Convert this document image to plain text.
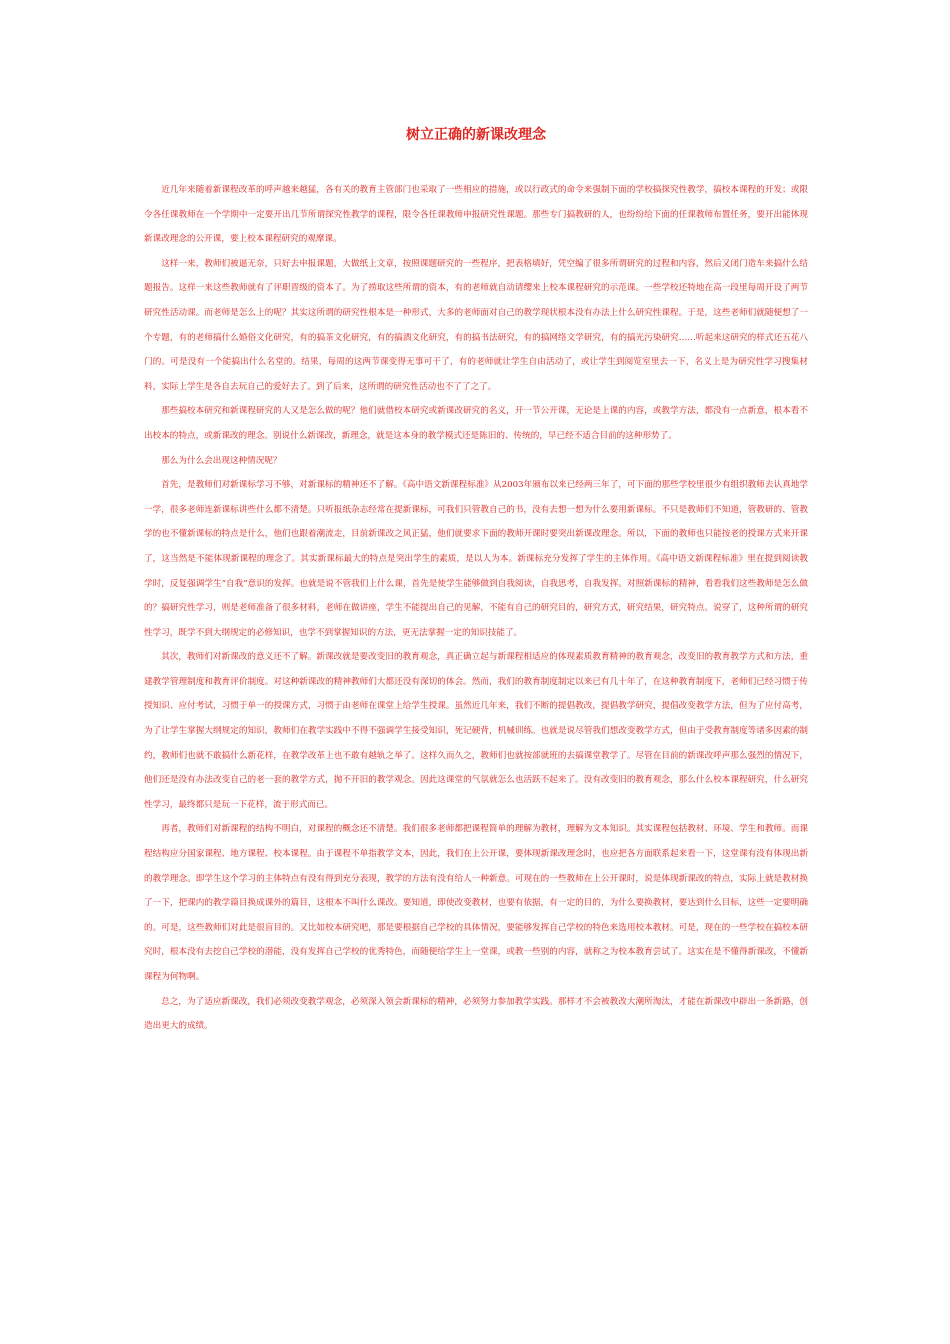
树立正确的新课改理念

近几年来随着新课程改革的呼声越来越猛，各有关的教育主管部门也采取了一些相应的措施，或以行政式的命令来强制下面的学校搞探究性教学，搞校本课程的开发；或限令各任课教师在一个学期中一定要开出几节所谓探究性教学的课程，限令各任课教师申报研究性课题。那些专门搞教研的人，也纷纷给下面的任课教师布置任务，要开出能体现新课改理念的公开课，要上校本课程研究的观摩课。

这样一来，教师们被逼无奈，只好去申报课题，大做纸上文章，按照课题研究的一些程序，把表格填好，凭空编了很多所谓研究的过程和内容，然后又闭门造车来搞什么结题报告。这样一来这些教师就有了评职晋级的资本了。为了捞取这些所谓的资本，有的老师就自动请缨来上校本课程研究的示范课。一些学校还特地在高一段里每周开设了两节研究性活动课。而老师是怎么上的呢？其实这所谓的研究性根本是一种形式，大多的老师面对自己的教学现状根本没有办法上什么研究性课程。于是，这些老师们就随便想了一个专题，有的老师搞什么婚俗文化研究，有的搞茶文化研究，有的搞酒文化研究，有的搞书法研究，有的搞网络文学研究，有的搞光污染研究……听起来这研究的样式还五花八门的。可是没有一个能搞出什么名堂的。结果，每周的这两节课变得无事可干了，有的老师就让学生自由活动了，或让学生到阅览室里去一下，名义上是为研究性学习搜集材料，实际上学生是各自去玩自己的爱好去了。到了后来，这所谓的研究性活动也不了了之了。

那些搞校本研究和新课程研究的人又是怎么做的呢？他们就借校本研究或新课改研究的名义，开一节公开课，无论是上课的内容，或教学方法，都没有一点新意，根本看不出校本的特点，或新课改的理念。别说什么新课改，新理念，就是这本身的教学模式还是陈旧的、传统的，早已经不适合目前的这种形势了。

那么为什么会出现这种情况呢？

首先，是教师们对新课标学习不够，对新课标的精神还不了解。《高中语文新课程标准》从2003年颁布以来已经两三年了，可下面的那些学校里很少有组织教师去认真地学一学，很多老师连新课标讲些什么都不清楚。只听报纸杂志经常在提新课标，可我们只管教自己的书，没有去想一想为什么要用新课标。不只是教师们不知道，管教研的、管教学的也不懂新课标的特点是什么，他们也跟着潮流走，目前新课改之风正猛，他们就要求下面的教师开课时要突出新课改理念。所以，下面的教师也只能按老的授课方式来开课了，这当然是不能体现新课程的理念了。其实新课标最大的特点是突出学生的素质，是以人为本。新课标充分发挥了学生的主体作用。《高中语文新课程标准》里在提到阅读教学时，反复强调学生“自我”意识的发挥。也就是说不管我们上什么课，首先是使学生能够做到自我阅读，自我思考，自我发挥。对照新课标的精神，看看我们这些教师是怎么做的？搞研究性学习，则是老师准备了很多材料，老师在做讲座，学生不能提出自己的见解，不能有自己的研究目的，研究方式，研究结果，研究特点。说穿了，这种所谓的研究性学习，既学不到大纲规定的必修知识，也学不到掌握知识的方法，更无法掌握一定的知识技能了。

其次，教师们对新课改的意义还不了解。新课改就是要改变旧的教育观念，真正确立起与新课程相适应的体现素质教育精神的教育观念，改变旧的教育教学方式和方法，重建教学管理制度和教育评价制度。对这种新课改的精神教师们大都还没有深切的体会。然而，我们的教育制度制定以来已有几十年了，在这种教育制度下，老师们已经习惯于传授知识、应付考试，习惯于单一的授课方式，习惯于由老师在课堂上给学生授课。虽然近几年来，我们不断的提倡教改，提倡教学研究，提倡改变教学方法，但为了应付高考，为了让学生掌握大纲规定的知识，教师们在教学实践中不得不强调学生接受知识，死记硬背，机械训练。也就是说尽管我们想改变教学方式，但由于受教育制度等诸多因素的制约，教师们也就不敢搞什么新花样，在教学改革上也不敢有越轨之举了。这样久而久之，教师们也就按部就班的去搞课堂教学了。尽管在目前的新课改呼声那么强烈的情况下，他们还是没有办法改变自己的老一套的教学方式，抛不开旧的教学观念。因此这课堂的气氛就怎么也活跃不起来了。没有改变旧的教育观念，那么什么校本课程研究，什么研究性学习，最终都只是玩一下花样，流于形式而已。

再者，教师们对新课程的结构不明白，对课程的概念还不清楚。我们很多老师都把课程简单的理解为教材，理解为文本知识。其实课程包括教材、环境、学生和教师。而课程结构应分国家课程、地方课程、校本课程。由于课程不单指教学文本，因此，我们在上公开课，要体现新课改理念时，也应把各方面联系起来看一下，这堂课有没有体现出新的教学理念。即学生这个学习的主体特点有没有得到充分表现，教学的方法有没有给人一种新意。可现在的一些教师在上公开课时，说是体现新课改的特点，实际上就是教材换了一下，把课内的教学篇目换成课外的篇目，这根本不叫什么课改。要知道，即使改变教材，也要有依据，有一定的目的，为什么要换教材，要达到什么目标，这些一定要明确的。可是，这些教师们对此是很盲目的。又比如校本研究吧，那是要根据自己学校的具体情况，要能够发挥自己学校的特色来选用校本教材。可是，现在的一些学校在搞校本研究时，根本没有去挖自己学校的潜能，没有发挥自己学校的优秀特色，而随便给学生上一堂课，或教一些别的内容，就称之为校本教育尝试了。这实在是不懂得新课改，不懂新课程为何物啊。

总之，为了适应新课改，我们必须改变教学观念，必须深入领会新课标的精神，必须努力参加教学实践。那样才不会被教改大潮所淘汰，才能在新课改中辟出一条新路，创造出更大的成绩。
